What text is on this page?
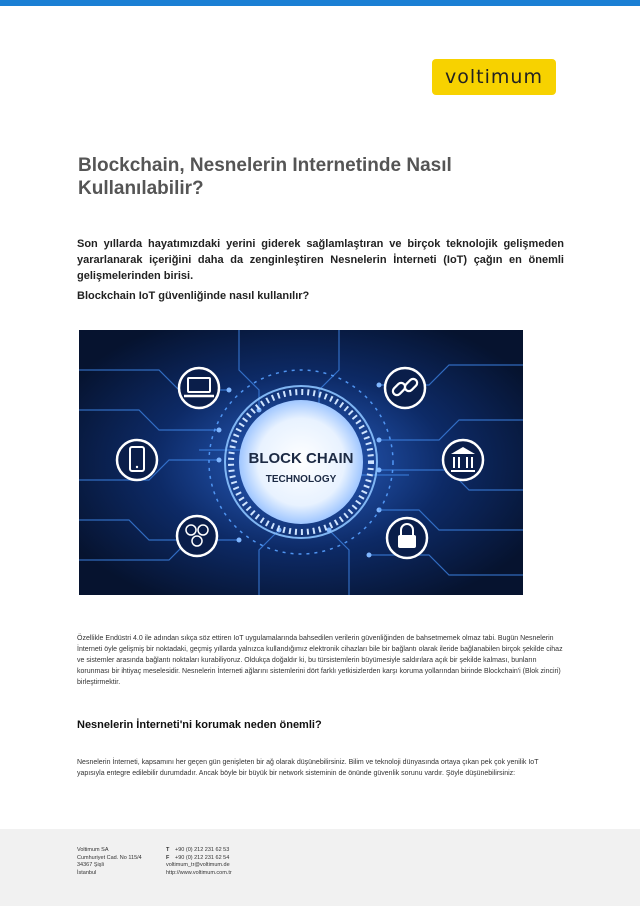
voltimum
Blockchain, Nesnelerin Internetinde Nasıl Kullanılabilir?

Son yıllarda hayatımızdaki yerini giderek sağlamlaştıran ve birçok teknolojik gelişmeden yararlanarak içeriğini daha da zenginleştiren Nesnelerin İnterneti (IoT) çağın en önemli gelişmelerinden birisi.

Blockchain IoT güvenliğinde nasıl kullanılır?
BLOCK CHAIN
TECHNOLOGY

Özellikle Endüstri 4.0 ile adından sıkça söz ettiren IoT uygulamalarında bahsedilen verilerin güvenliğinden de bahsetmemek olmaz tabi. Bugün Nesnelerin İnterneti öyle gelişmiş bir noktadaki, geçmiş yıllarda yalnızca kullandığımız elektronik cihazları bile bir bağlantı olarak ileride bağlanabilen birçok şekilde cihaz ve sistemler arasında bağlantı noktaları kurabiliyoruz. Oldukça doğaldır ki, bu türsistemlerin büyümesiyle saldırılara açık bir şekilde kalması, bunların korunması bir ihtiyaç meselesidir. Nesnelerin İnterneti ağlarını sistemlerini dört farklı yetkisizlerden karşı koruma yollarından birinde Blockchain'i (Blok zinciri) birleştirmektir.

Nesnelerin İnterneti'ni korumak neden önemli?

Nesnelerin İnterneti, kapsamını her geçen gün genişleten bir ağ olarak düşünebilirsiniz. Bilim ve teknoloji dünyasında ortaya çıkan pek çok yenilik IoT yapısıyla entegre edilebilir durumdadır. Ancak böyle bir büyük bir network sisteminin de önünde güvenlik sorunu vardır. Şöyle düşünebilirsiniz:

Voltimum SA
Cumhuriyet Cad. No 115/4
34367 Şişli
İstanbul
T +90 (0) 212 231 62 53
F +90 (0) 212 231 62 54
voltimum_tr@voltimum.de
http://www.voltimum.com.tr
